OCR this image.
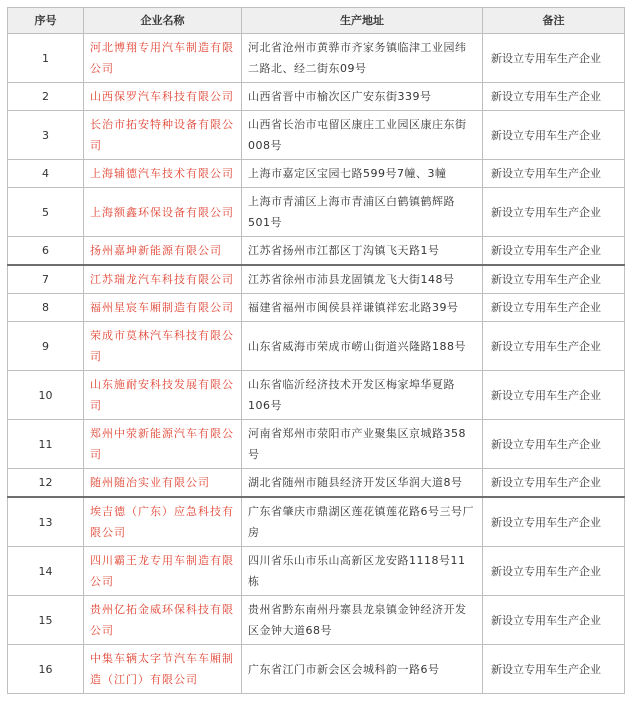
序号	企业名称	生产地址	备注
1	河北博翔专用汽车制造有限公司	河北省沧州市黄骅市齐家务镇临津工业园纬二路北、经二街东09号	新设立专用车生产企业
2	山西保罗汽车科技有限公司	山西省晋中市榆次区广安东街339号	新设立专用车生产企业
3	长治市拓安特种设备有限公司	山西省长治市屯留区康庄工业园区康庄东街008号	新设立专用车生产企业
4	上海辅德汽车技术有限公司	上海市嘉定区宝园七路599号7幢、3幢	新设立专用车生产企业
5	上海额鑫环保设备有限公司	上海市青浦区上海市青浦区白鹤镇鹤辉路501号	新设立专用车生产企业
6	扬州嘉坤新能源有限公司	江苏省扬州市江都区丁沟镇飞天路1号	新设立专用车生产企业
7	江苏瑞龙汽车科技有限公司	江苏省徐州市沛县龙固镇龙飞大街148号	新设立专用车生产企业
8	福州星宸车厢制造有限公司	福建省福州市闽侯县祥谦镇祥宏北路39号	新设立专用车生产企业
9	荣成市莫林汽车科技有限公司	山东省威海市荣成市崂山街道兴隆路188号	新设立专用车生产企业
10	山东施耐安科技发展有限公司	山东省临沂经济技术开发区梅家埠华夏路106号	新设立专用车生产企业
11	郑州中荥新能源汽车有限公司	河南省郑州市荥阳市产业聚集区京城路358号	新设立专用车生产企业
12	随州随冶实业有限公司	湖北省随州市随县经济开发区华润大道8号	新设立专用车生产企业
13	埃吉德（广东）应急科技有限公司	广东省肇庆市鼎湖区莲花镇莲花路6号三号厂房	新设立专用车生产企业
14	四川霸王龙专用车制造有限公司	四川省乐山市乐山高新区龙安路1118号11栋	新设立专用车生产企业
15	贵州亿拓金威环保科技有限公司	贵州省黔东南州丹寨县龙泉镇金钟经济开发区金钟大道68号	新设立专用车生产企业
16	中集车辆太字节汽车车厢制造（江门）有限公司	广东省江门市新会区会城科韵一路6号	新设立专用车生产企业
